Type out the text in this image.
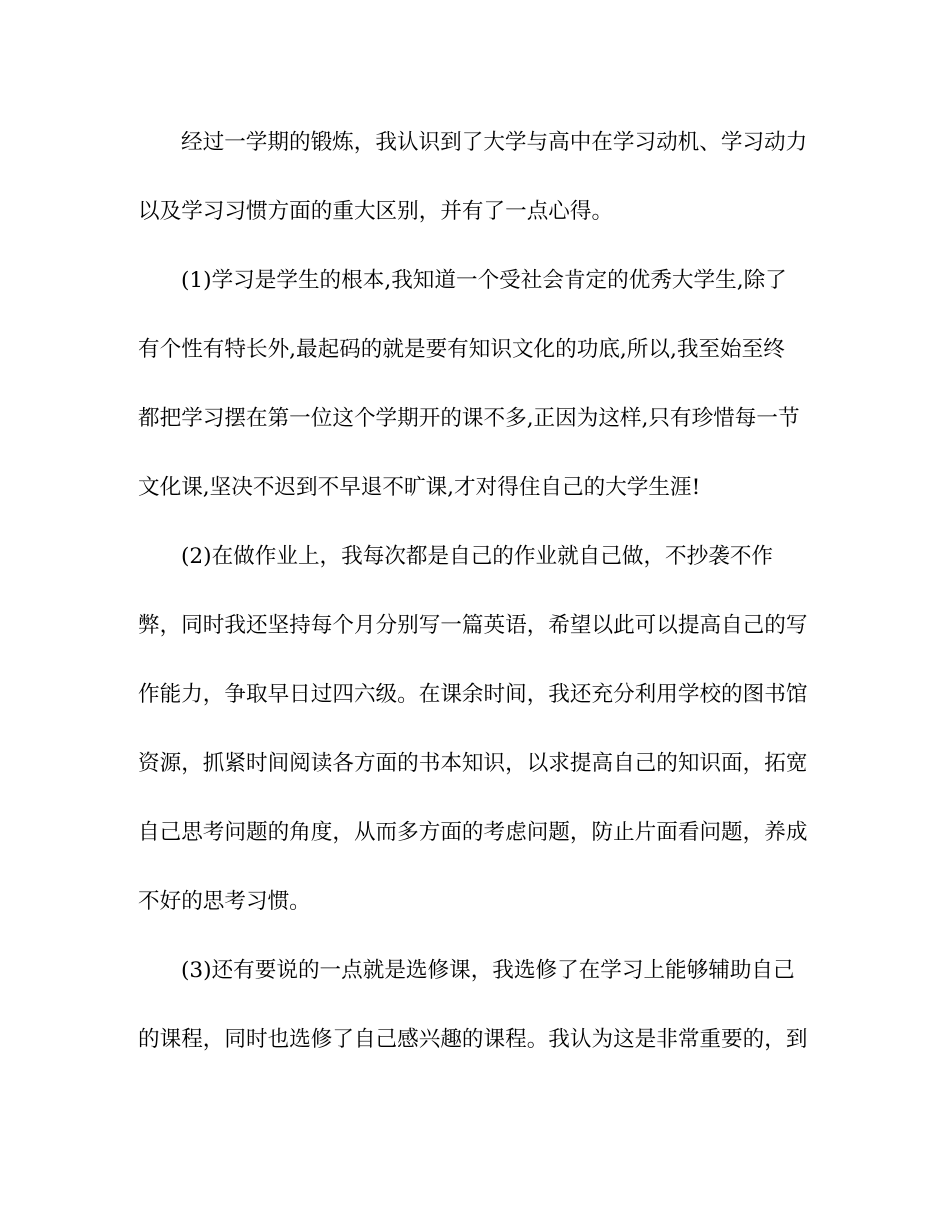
经过一学期的锻炼，我认识到了大学与高中在学习动机、学习动力
以及学习习惯方面的重大区别，并有了一点心得。
(1)学习是学生的根本,我知道一个受社会肯定的优秀大学生,除了
有个性有特长外,最起码的就是要有知识文化的功底,所以,我至始至终
都把学习摆在第一位这个学期开的课不多,正因为这样,只有珍惜每一节
文化课,坚决不迟到不早退不旷课,才对得住自己的大学生涯!
(2)在做作业上，我每次都是自己的作业就自己做，不抄袭不作
弊，同时我还坚持每个月分别写一篇英语，希望以此可以提高自己的写
作能力，争取早日过四六级。在课余时间，我还充分利用学校的图书馆
资源，抓紧时间阅读各方面的书本知识，以求提高自己的知识面，拓宽
自己思考问题的角度，从而多方面的考虑问题，防止片面看问题，养成
不好的思考习惯。
(3)还有要说的一点就是选修课，我选修了在学习上能够辅助自己
的课程，同时也选修了自己感兴趣的课程。我认为这是非常重要的，到
